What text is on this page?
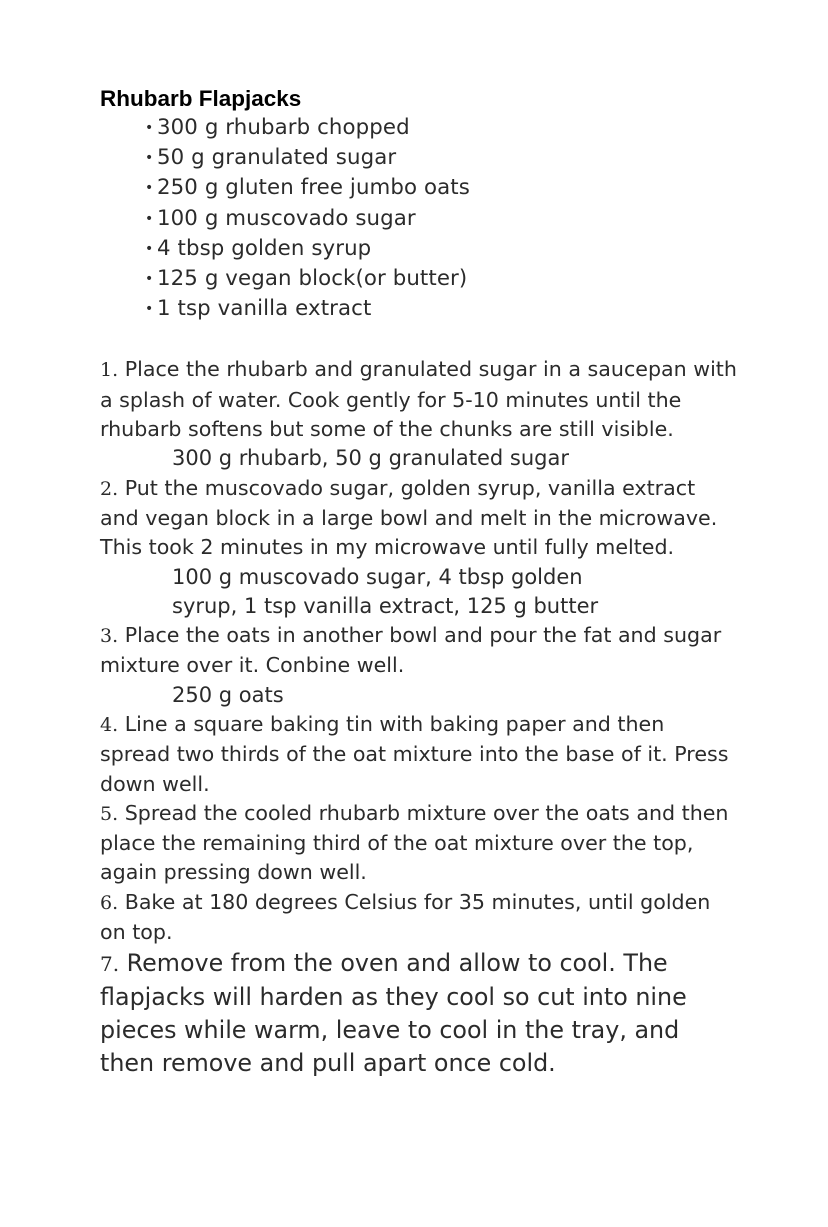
Rhubarb Flapjacks
• 300 g rhubarb chopped
• 50 g granulated sugar
• 250 g gluten free jumbo oats
• 100 g muscovado sugar
• 4 tbsp golden syrup
• 125 g vegan block(or butter)
• 1 tsp vanilla extract

1. Place the rhubarb and granulated sugar in a saucepan with a splash of water. Cook gently for 5-10 minutes until the rhubarb softens but some of the chunks are still visible.

300 g rhubarb, 50 g granulated sugar

2. Put the muscovado sugar, golden syrup, vanilla extract and vegan block in a large bowl and melt in the microwave. This took 2 minutes in my microwave until fully melted.

100 g muscovado sugar, 4 tbsp golden syrup, 1 tsp vanilla extract, 125 g butter

3. Place the oats in another bowl and pour the fat and sugar mixture over it. Conbine well.

250 g oats

4. Line a square baking tin with baking paper and then spread two thirds of the oat mixture into the base of it. Press down well.

5. Spread the cooled rhubarb mixture over the oats and then place the remaining third of the oat mixture over the top, again pressing down well.

6. Bake at 180 degrees Celsius for 35 minutes, until golden on top.

7. Remove from the oven and allow to cool. The flapjacks will harden as they cool so cut into nine pieces while warm, leave to cool in the tray, and then remove and pull apart once cold.
